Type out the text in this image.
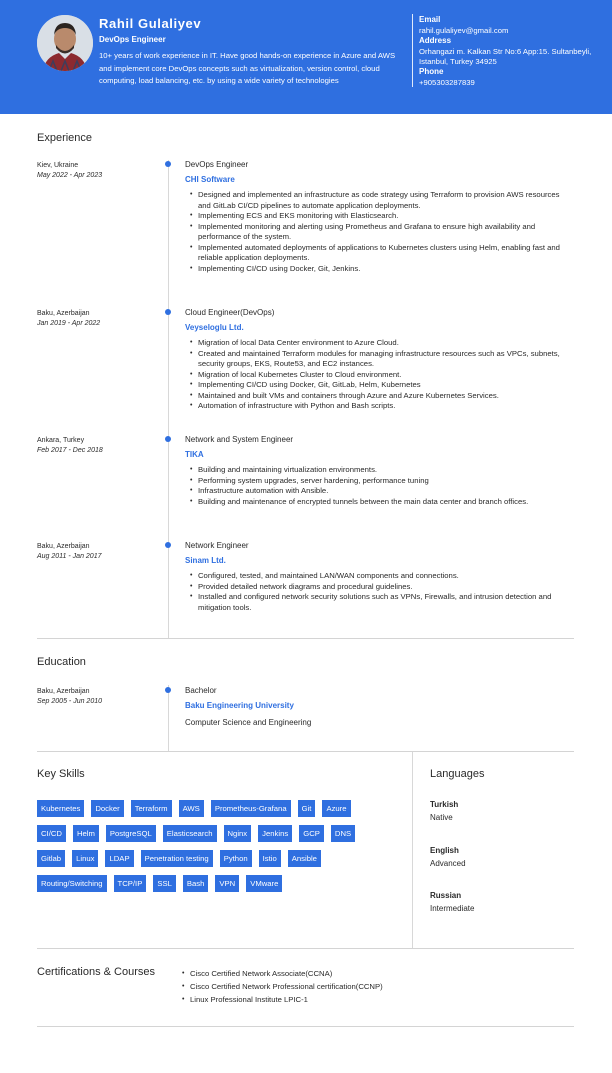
Rahil Gulaliyev
DevOps Engineer
10+ years of work experience in IT. Have good hands-on experience in Azure and AWS and implement core DevOps concepts such as virtualization, version control, cloud computing, load balancing, etc. by using a wide variety of technologies
Email
rahil.gulaliyev@gmail.com
Address
Orhangazi m. Kalkan Str No:6 App:15. Sultanbeyli, Istanbul, Turkey 34925
Phone
+905303287839
Experience
Kiev, Ukraine
May 2022 - Apr 2023
DevOps Engineer
CHI Software
• Designed and implemented an infrastructure as code strategy using Terraform to provision AWS resources and GitLab CI/CD pipelines to automate application deployments.
• Implementing ECS and EKS monitoring with Elasticsearch.
• Implemented monitoring and alerting using Prometheus and Grafana to ensure high availability and performance of the system.
• Implemented automated deployments of applications to Kubernetes clusters using Helm, enabling fast and reliable application deployments.
• Implementing CI/CD using Docker, Git, Jenkins.
Baku, Azerbaijan
Jan 2019 - Apr 2022
Cloud Engineer(DevOps)
Veyseloglu Ltd.
• Migration of local Data Center environment to Azure Cloud.
• Created and maintained Terraform modules for managing infrastructure resources such as VPCs, subnets, security groups, EKS, Route53, and EC2 instances.
• Migration of local Kubernetes Cluster to Cloud environment.
• Implementing CI/CD using Docker, Git, GitLab, Helm, Kubernetes
• Maintained and built VMs and containers through Azure and Azure Kubernetes Services.
• Automation of infrastructure with Python and Bash scripts.
Ankara, Turkey
Feb 2017 - Dec 2018
Network and System Engineer
TIKA
• Building and maintaining virtualization environments.
• Performing system upgrades, server hardening, performance tuning
• Infrastructure automation with Ansible.
• Building and maintenance of encrypted tunnels between the main data center and branch offices.
Baku, Azerbaijan
Aug 2011 - Jan 2017
Network Engineer
Sinam Ltd.
• Configured, tested, and maintained LAN/WAN components and connections.
• Provided detailed network diagrams and procedural guidelines.
• Installed and configured network security solutions such as VPNs, Firewalls, and intrusion detection and mitigation tools.
Education
Baku, Azerbaijan
Sep 2005 - Jun 2010
Bachelor
Baku Engineering University
Computer Science and Engineering
Key Skills
Kubernetes Docker Terraform AWS Prometheus-Grafana Git Azure
CI/CD Helm PostgreSQL Elasticsearch Nginx Jenkins GCP DNS
Gitlab Linux LDAP Penetration testing Python Istio Ansible
Routing/Switching TCP/IP SSL Bash VPN VMware
Languages
Turkish
Native
English
Advanced
Russian
Intermediate
Certifications & Courses
•	Cisco Certified Network Associate(CCNA)
• Cisco Certified Network Professional certification(CCNP)
• Linux Professional Institute LPIC-1
